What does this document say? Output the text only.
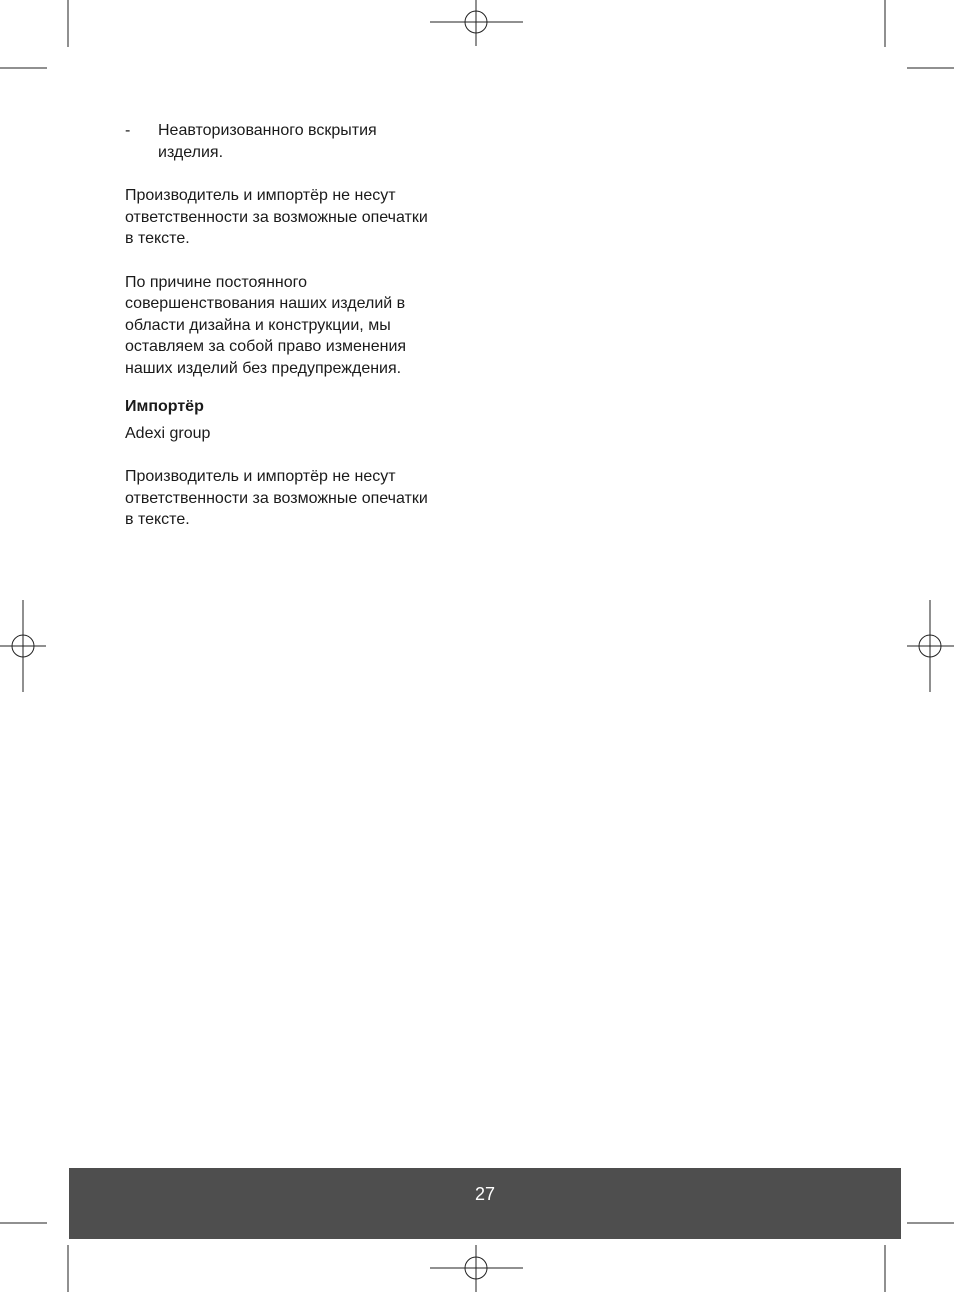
- Неавторизованного вскрытия
изделия.
Производитель и импортёр не несут
ответственности за возможные опечатки
в тексте.
По причине постоянного
совершенствования наших изделий в
области дизайна и конструкции, мы
оставляем за собой право изменения
наших изделий без предупреждения.
Импортёр
Adexi group
Производитель и импортёр не несут
ответственности за возможные опечатки
в тексте.
27
